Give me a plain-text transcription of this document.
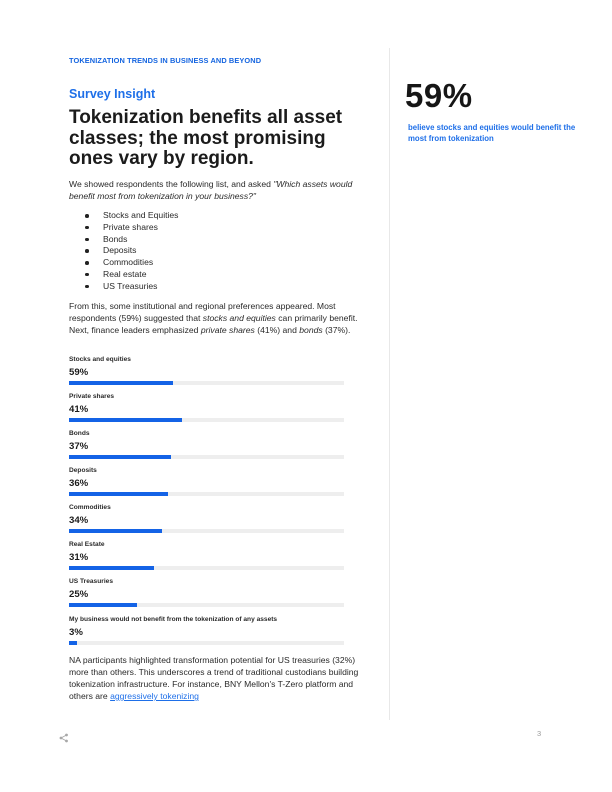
TOKENIZATION TRENDS IN BUSINESS AND BEYOND
Survey Insight
Tokenization benefits all asset classes; the most promising ones vary by region.

We showed respondents the following list, and asked "Which assets would benefit most from tokenization in your business?"

Stocks and Equities
Private shares
Bonds
Deposits
Commodities
Real estate
US Treasuries

From this, some institutional and regional preferences appeared. Most respondents (59%) suggested that stocks and equities can primarily benefit. Next, finance leaders emphasized private shares (41%) and bonds (37%).

Stocks and equities
59%
Private shares
41%
Bonds
37%
Deposits
36%
Commodities
34%
Real Estate
31%
US Treasuries
25%
My business would not benefit from the tokenization of any assets
3%

NA participants highlighted transformation potential for US treasuries (32%) more than others. This underscores a trend of traditional custodians building tokenization infrastructure. For instance, BNY Mellon's T-Zero platform and others are aggressively tokenizing

59%

believe stocks and equities would benefit the most from tokenization

3
